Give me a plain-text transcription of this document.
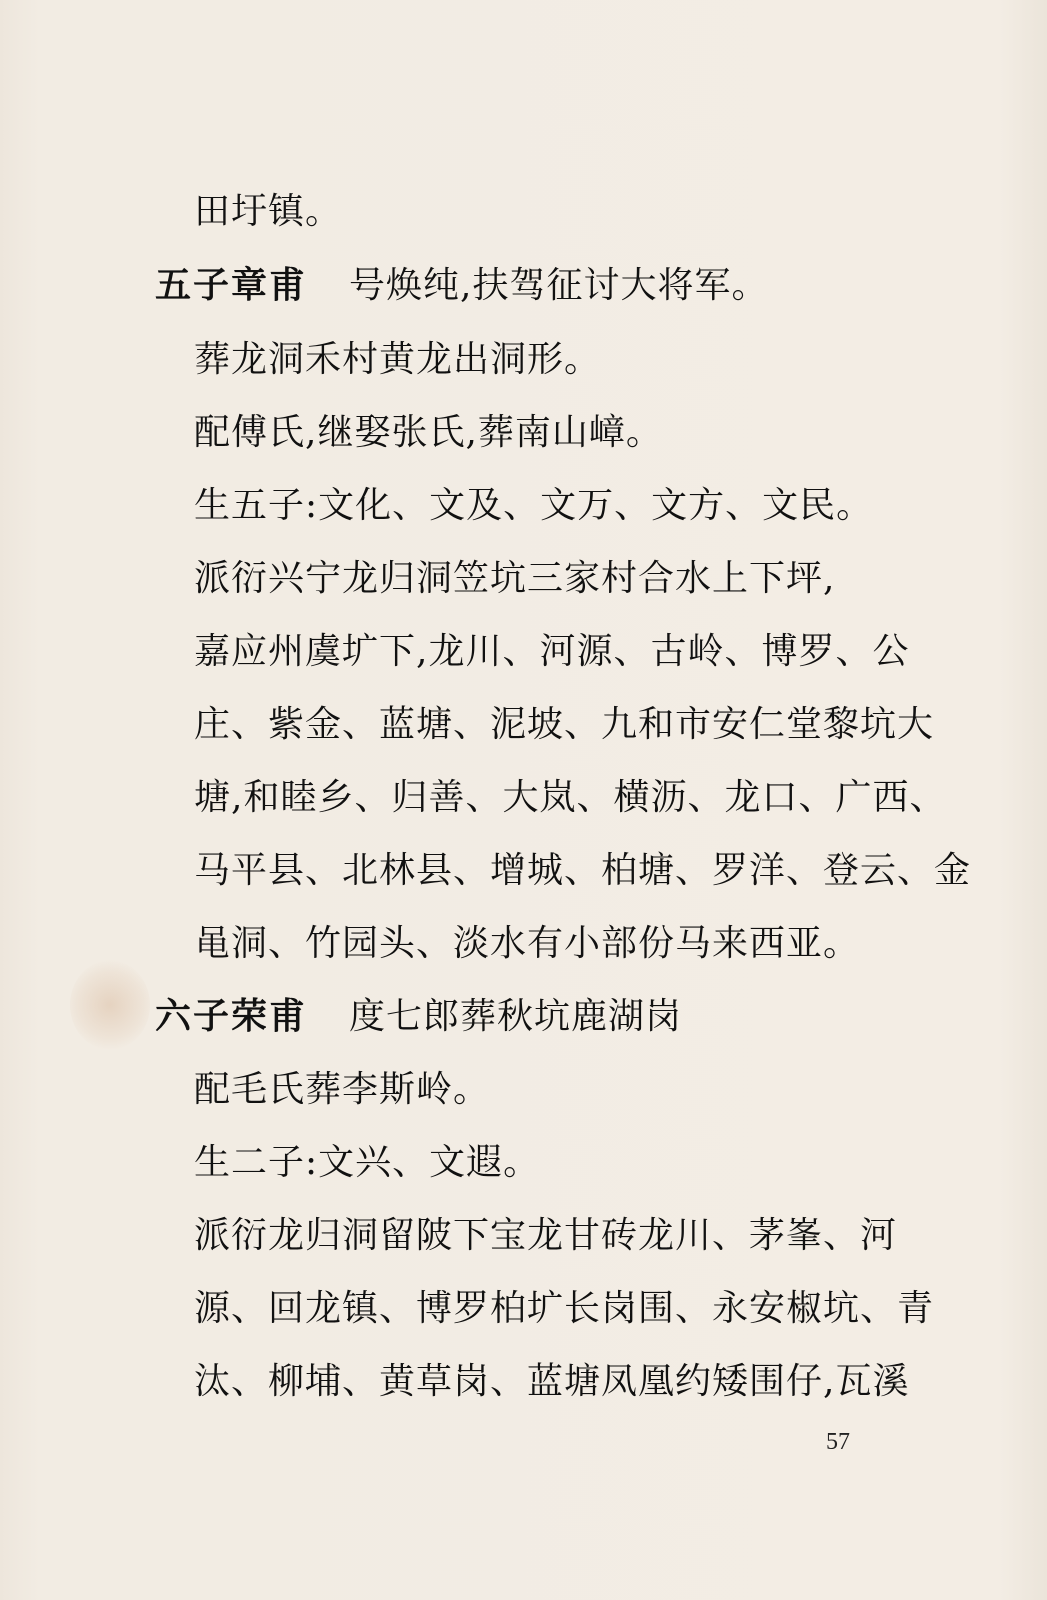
田圩镇。
五子章甫 号焕纯,扶驾征讨大将军。
葬龙洞禾村黄龙出洞形。
配傅氏,继娶张氏,葬南山嶂。
生五子:文化、文及、文万、文方、文民。
派衍兴宁龙归洞笠坑三家村合水上下坪,
嘉应州虞圹下,龙川、河源、古岭、博罗、公
庄、紫金、蓝塘、泥坡、九和市安仁堂黎坑大
塘,和睦乡、归善、大岚、横沥、龙口、广西、
马平县、北林县、增城、柏塘、罗洋、登云、金
黾洞、竹园头、淡水有小部份马来西亚。
六子荣甫 度七郎葬秋坑鹿湖岗
配毛氏葬李斯岭。
生二子:文兴、文遐。
派衍龙归洞留陂下宝龙甘砖龙川、茅峯、河
源、回龙镇、博罗柏圹长岗围、永安椒坑、青
汰、柳埔、黄草岗、蓝塘凤凰约矮围仔,瓦溪
57
